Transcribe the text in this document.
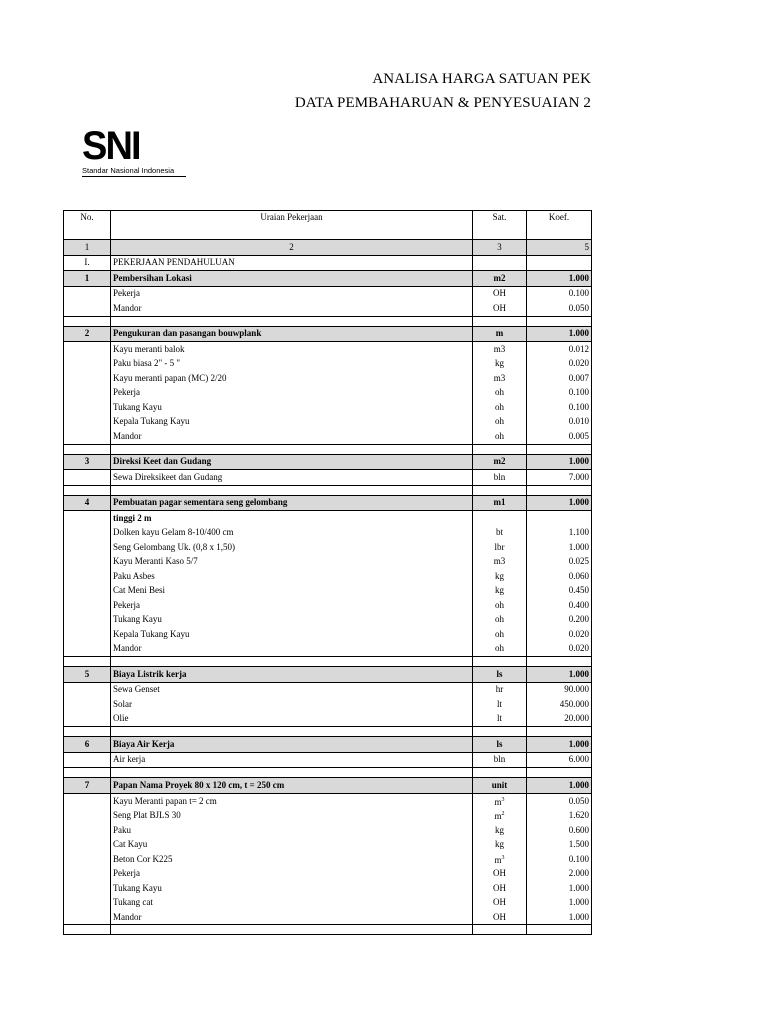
ANALISA HARGA SATUAN PEK
DATA PEMBAHARUAN & PENYESUAIAN 2
SNI
Standar Nasional Indonesia
No.	Uraian Pekerjaan	Sat.	Koef.
1	2	3	5
I.	PEKERJAAN PENDAHULUAN		
1	Pembersihan Lokasi	m2	1.000
	Pekerja	OH	0.100
	Mandor	OH	0.050

2	Pengukuran dan pasangan bouwplank	m	1.000
	Kayu meranti balok	m3	0.012
	Paku biasa 2" - 5 "	kg	0.020
	Kayu meranti papan (MC) 2/20	m3	0.007
	Pekerja	oh	0.100
	Tukang Kayu	oh	0.100
	Kepala Tukang Kayu	oh	0.010
	Mandor	oh	0.005

3	Direksi Keet dan Gudang	m2	1.000
	Sewa Direksikeet dan Gudang	bln	7.000

4	Pembuatan pagar sementara seng gelombang	m1	1.000
	tinggi 2 m		
	Dolken kayu Gelam 8-10/400 cm	bt	1.100
	Seng Gelombang Uk. (0,8 x 1,50)	lbr	1.000
	Kayu Meranti Kaso 5/7	m3	0.025
	Paku Asbes	kg	0.060
	Cat Meni Besi	kg	0.450
	Pekerja	oh	0.400
	Tukang Kayu	oh	0.200
	Kepala Tukang Kayu	oh	0.020
	Mandor	oh	0.020

5	Biaya Listrik kerja	ls	1.000
	Sewa Genset	hr	90.000
	Solar	lt	450.000
	Olie	lt	20.000

6	Biaya Air Kerja	ls	1.000
	Air kerja	bln	6.000

7	Papan Nama Proyek 80 x 120 cm, t = 250 cm	unit	1.000
	Kayu Meranti papan t= 2 cm	$m^3$	0.050
	Seng Plat BJLS 30	$m^2$	1.620
	Paku	kg	0.600
	Cat Kayu	kg	1.500
	Beton Cor K225	$m^3$	0.100
	Pekerja	OH	2.000
	Tukang Kayu	OH	1.000
	Tukang cat	OH	1.000
	Mandor	OH	1.000
